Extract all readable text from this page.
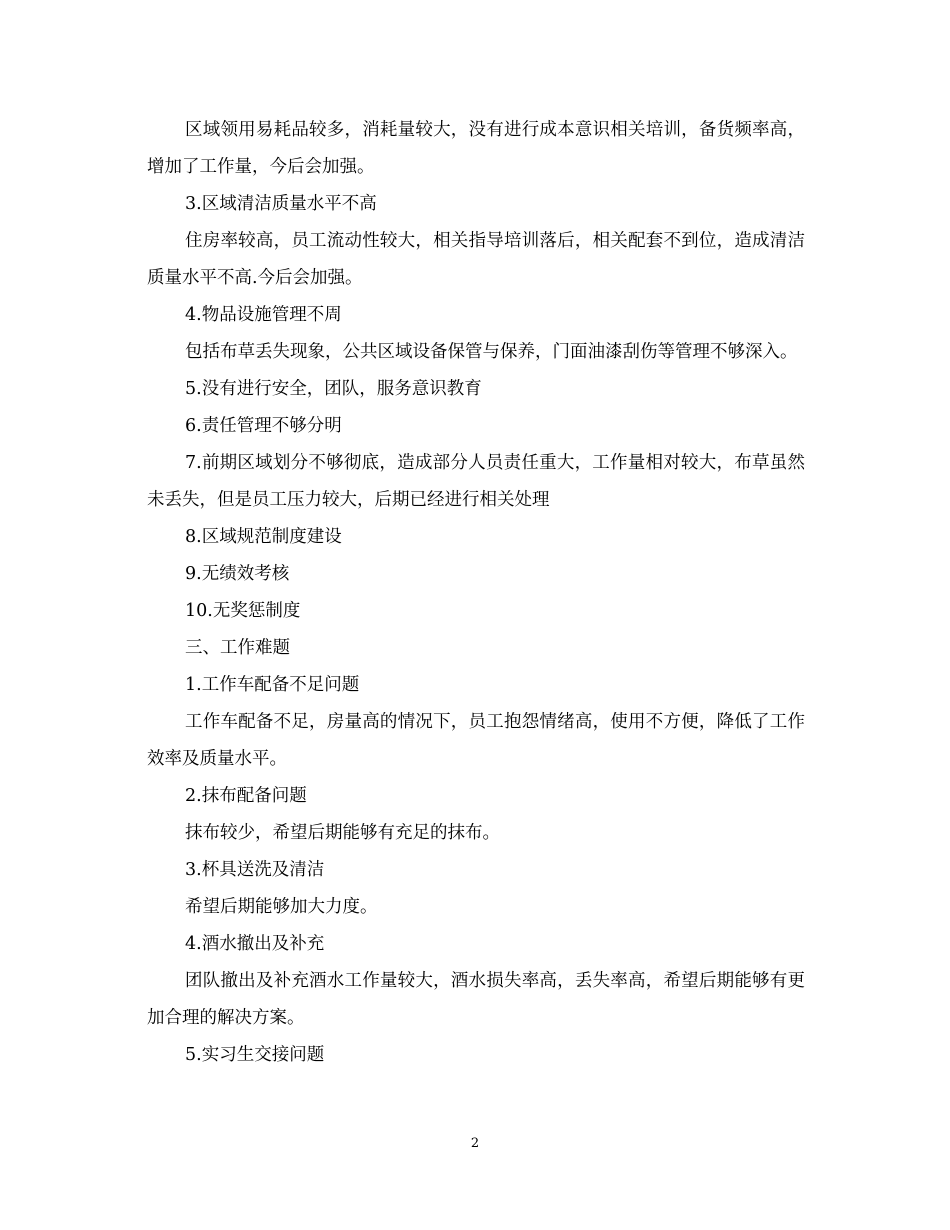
区域领用易耗品较多，消耗量较大，没有进行成本意识相关培训，备货频率高，增加了工作量，今后会加强。

3.区域清洁质量水平不高

住房率较高，员工流动性较大，相关指导培训落后，相关配套不到位，造成清洁质量水平不高.今后会加强。

4.物品设施管理不周

包括布草丢失现象，公共区域设备保管与保养，门面油漆刮伤等管理不够深入。

5.没有进行安全，团队，服务意识教育

6.责任管理不够分明

7.前期区域划分不够彻底，造成部分人员责任重大，工作量相对较大，布草虽然未丢失，但是员工压力较大，后期已经进行相关处理

8.区域规范制度建设

9.无绩效考核

10.无奖惩制度

三、工作难题

1.工作车配备不足问题

工作车配备不足，房量高的情况下，员工抱怨情绪高，使用不方便，降低了工作效率及质量水平。

2.抹布配备问题

抹布较少，希望后期能够有充足的抹布。

3.杯具送洗及清洁

希望后期能够加大力度。

4.酒水撤出及补充

团队撤出及补充酒水工作量较大，酒水损失率高，丢失率高，希望后期能够有更加合理的解决方案。

5.实习生交接问题

2
